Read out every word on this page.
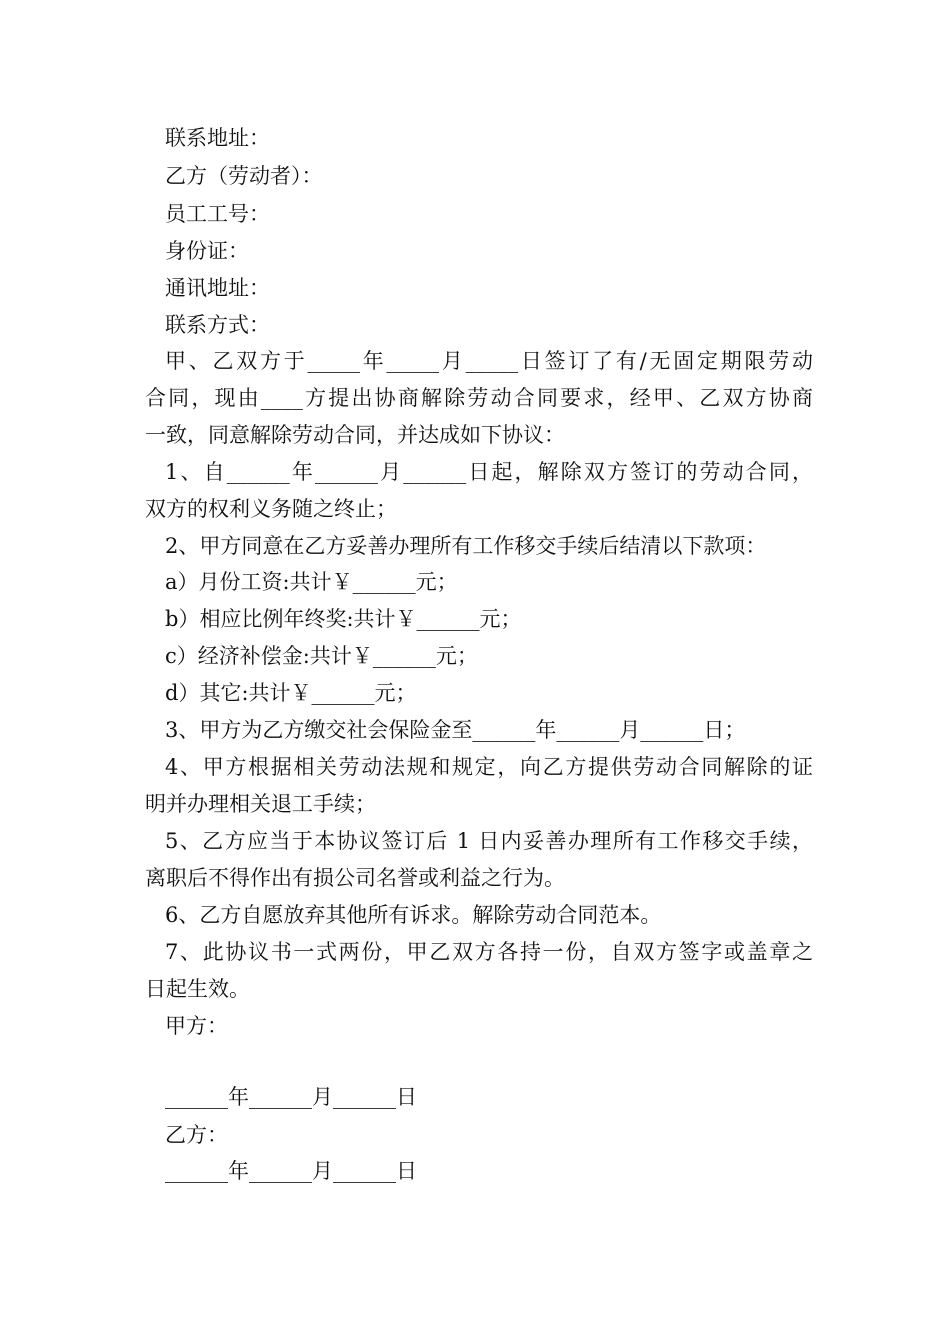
联系地址：
乙方（劳动者）：
员工工号：
身份证：
通讯地址：
联系方式：
甲、乙双方于_____年_____月_____日签订了有/无固定期限劳动
合同，现由____方提出协商解除劳动合同要求，经甲、乙双方协商
一致，同意解除劳动合同，并达成如下协议：
1、自______年______月______日起，解除双方签订的劳动合同，
双方的权利义务随之终止；
2、甲方同意在乙方妥善办理所有工作移交手续后结清以下款项：
a）月份工资:共计￥______元；
b）相应比例年终奖:共计￥______元；
c）经济补偿金:共计￥______元；
d）其它:共计￥______元；
3、甲方为乙方缴交社会保险金至______年______月______日；
4、甲方根据相关劳动法规和规定，向乙方提供劳动合同解除的证
明并办理相关退工手续；
5、乙方应当于本协议签订后 1 日内妥善办理所有工作移交手续，
离职后不得作出有损公司名誉或利益之行为。
6、乙方自愿放弃其他所有诉求。解除劳动合同范本。
7、此协议书一式两份，甲乙双方各持一份，自双方签字或盖章之
日起生效。
甲方：
______年______月______日
乙方：
______年______月______日
